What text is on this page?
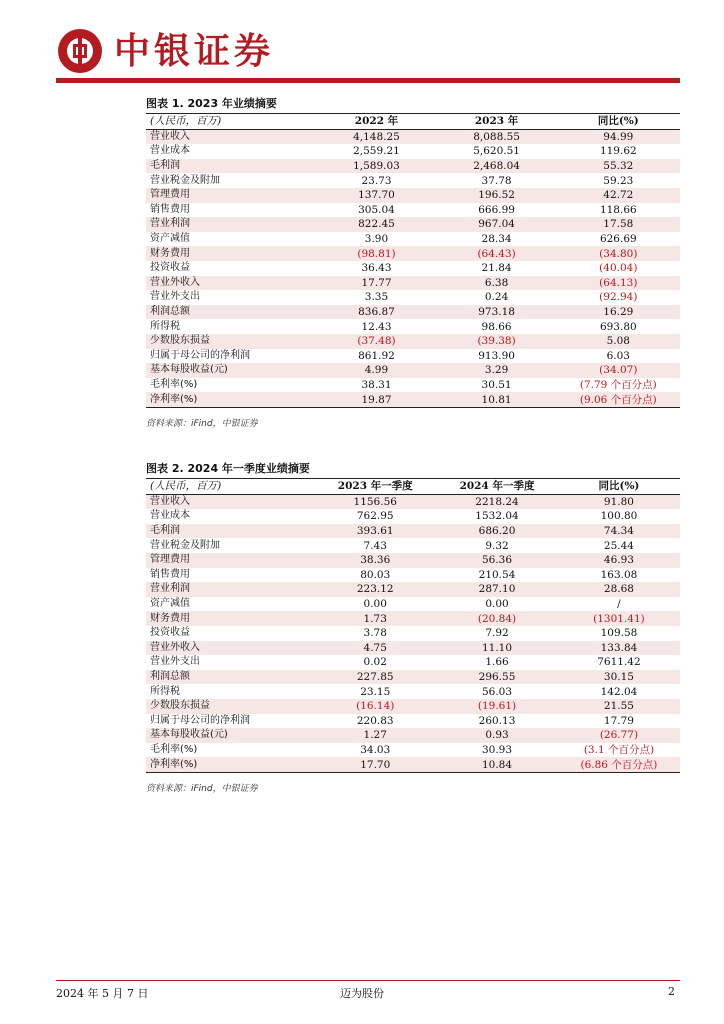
中银证券
图表 1. 2023 年业绩摘要
(人民币，百万)	2022 年	2023 年	同比(%)
营业收入	4,148.25	8,088.55	94.99
营业成本	2,559.21	5,620.51	119.62
毛利润	1,589.03	2,468.04	55.32
营业税金及附加	23.73	37.78	59.23
管理费用	137.70	196.52	42.72
销售费用	305.04	666.99	118.66
营业利润	822.45	967.04	17.58
资产减值	3.90	28.34	626.69
财务费用	(98.81)	(64.43)	(34.80)
投资收益	36.43	21.84	(40.04)
营业外收入	17.77	6.38	(64.13)
营业外支出	3.35	0.24	(92.94)
利润总额	836.87	973.18	16.29
所得税	12.43	98.66	693.80
少数股东损益	(37.48)	(39.38)	5.08
归属于母公司的净利润	861.92	913.90	6.03
基本每股收益(元)	4.99	3.29	(34.07)
毛利率(%)	38.31	30.51	(7.79 个百分点)
净利率(%)	19.87	10.81	(9.06 个百分点)
资料来源：iFind，中银证券
图表 2. 2024 年一季度业绩摘要
(人民币，百万)	2023 年一季度	2024 年一季度	同比(%)
营业收入	1156.56	2218.24	91.80
营业成本	762.95	1532.04	100.80
毛利润	393.61	686.20	74.34
营业税金及附加	7.43	9.32	25.44
管理费用	38.36	56.36	46.93
销售费用	80.03	210.54	163.08
营业利润	223.12	287.10	28.68
资产减值	0.00	0.00	/
财务费用	1.73	(20.84)	(1301.41)
投资收益	3.78	7.92	109.58
营业外收入	4.75	11.10	133.84
营业外支出	0.02	1.66	7611.42
利润总额	227.85	296.55	30.15
所得税	23.15	56.03	142.04
少数股东损益	(16.14)	(19.61)	21.55
归属于母公司的净利润	220.83	260.13	17.79
基本每股收益(元)	1.27	0.93	(26.77)
毛利率(%)	34.03	30.93	(3.1 个百分点)
净利率(%)	17.70	10.84	(6.86 个百分点)
资料来源：iFind，中银证券
2024 年 5 月 7 日	迈为股份	2
